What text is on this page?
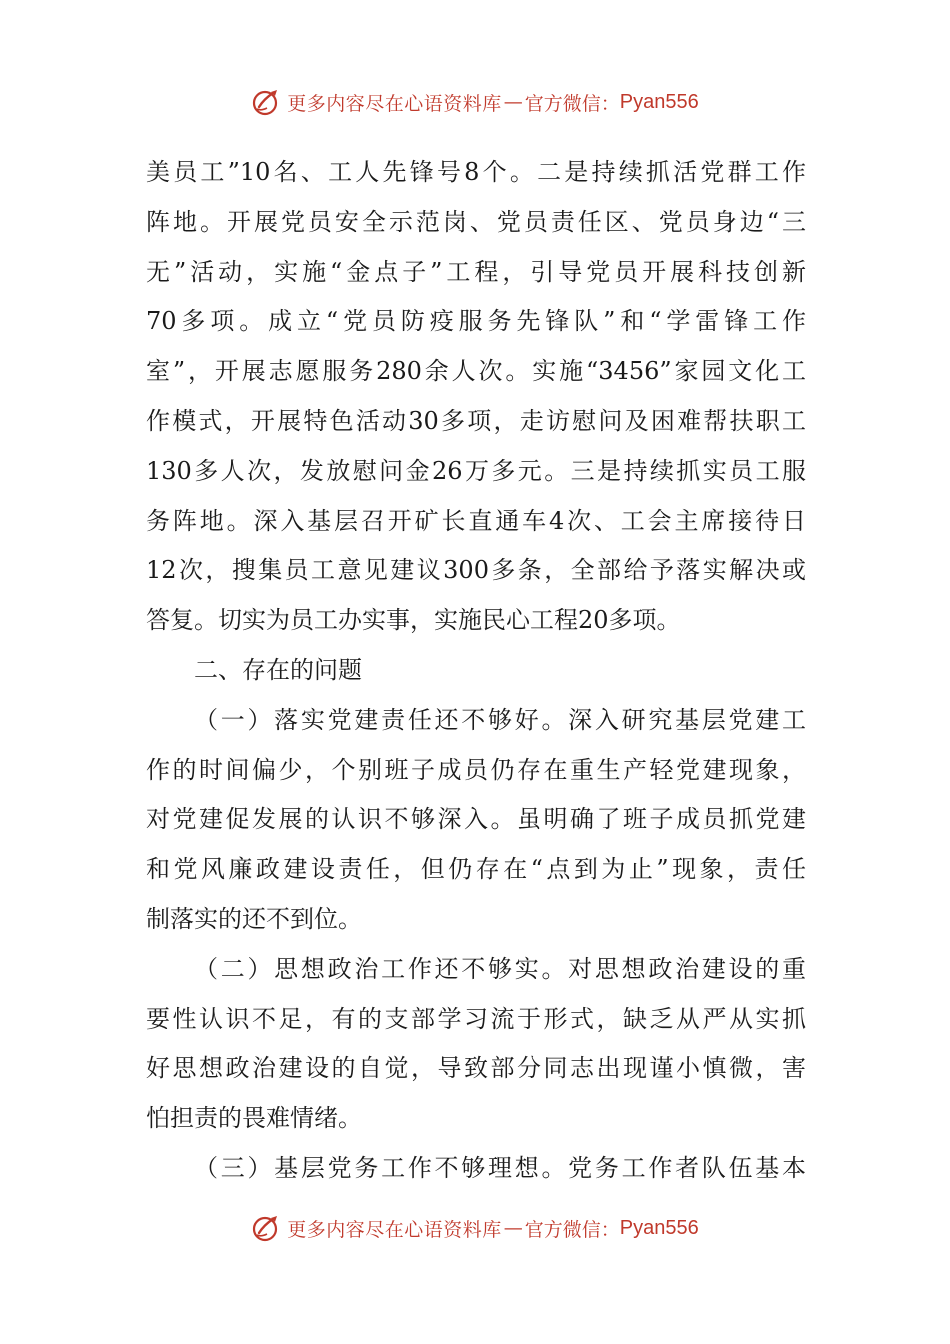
更多内容尽在心语资料库 — 官方微信： Pyan556
美员工”10名、工人先锋号8个。二是持续抓活党群工作
阵地。开展党员安全示范岗、党员责任区、党员身边“三
无”活动，实施“金点子”工程，引导党员开展科技创新
70多项。成立“党员防疫服务先锋队”和“学雷锋工作
室”，开展志愿服务280余人次。实施“3456”家园文化工
作模式，开展特色活动30多项，走访慰问及困难帮扶职工
130多人次，发放慰问金26万多元。三是持续抓实员工服
务阵地。深入基层召开矿长直通车4次、工会主席接待日
12次，搜集员工意见建议300多条，全部给予落实解决或
答复。切实为员工办实事，实施民心工程20多项。
二、存在的问题
（一）落实党建责任还不够好。深入研究基层党建工
作的时间偏少，个别班子成员仍存在重生产轻党建现象，
对党建促发展的认识不够深入。虽明确了班子成员抓党建
和党风廉政建设责任，但仍存在“点到为止”现象，责任
制落实的还不到位。
（二）思想政治工作还不够实。对思想政治建设的重
要性认识不足，有的支部学习流于形式，缺乏从严从实抓
好思想政治建设的自觉，导致部分同志出现谨小慎微，害
怕担责的畏难情绪。
（三）基层党务工作不够理想。党务工作者队伍基本
更多内容尽在心语资料库 — 官方微信： Pyan556
